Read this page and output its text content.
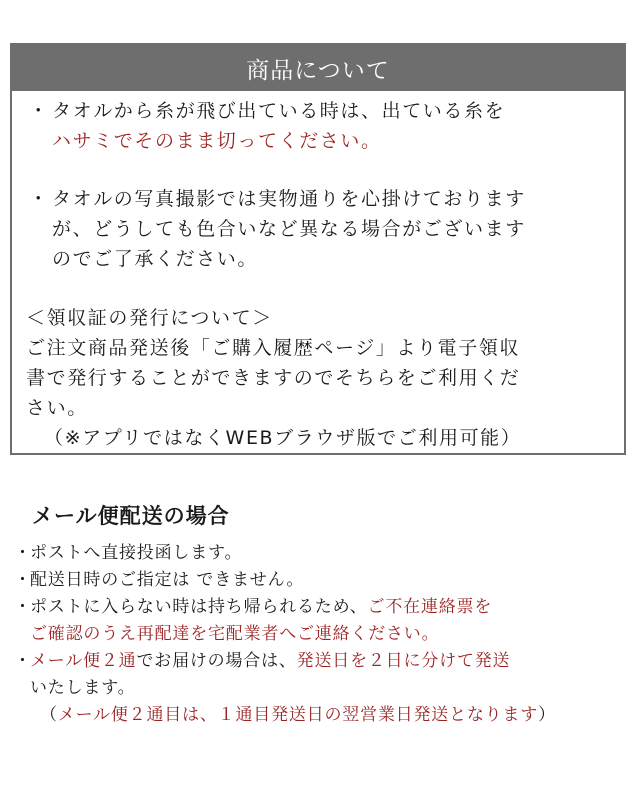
商品について
・ タオルから糸が飛び出ている時は、出ている糸を
ハサミでそのまま切ってください。
・ タオルの写真撮影では実物通りを心掛けております
が、どうしても色合いなど異なる場合がございます
のでご了承ください。
＜領収証の発行について＞
ご注文商品発送後「ご購入履歴ページ」より電子領収
書で発行することができますのでそちらをご利用くだ
さい。
（※アプリではなくWEBブラウザ版でご利用可能）
メール便配送の場合
・ポストへ直接投函します。
・配送日時のご指定は できません。
・ポストに入らない時は持ち帰られるため、ご不在連絡票を
ご確認のうえ再配達を宅配業者へご連絡ください。
・メール便２通でお届けの場合は、発送日を２日に分けて発送
いたします。
（メール便２通目は、１通目発送日の翌営業日発送となります）
